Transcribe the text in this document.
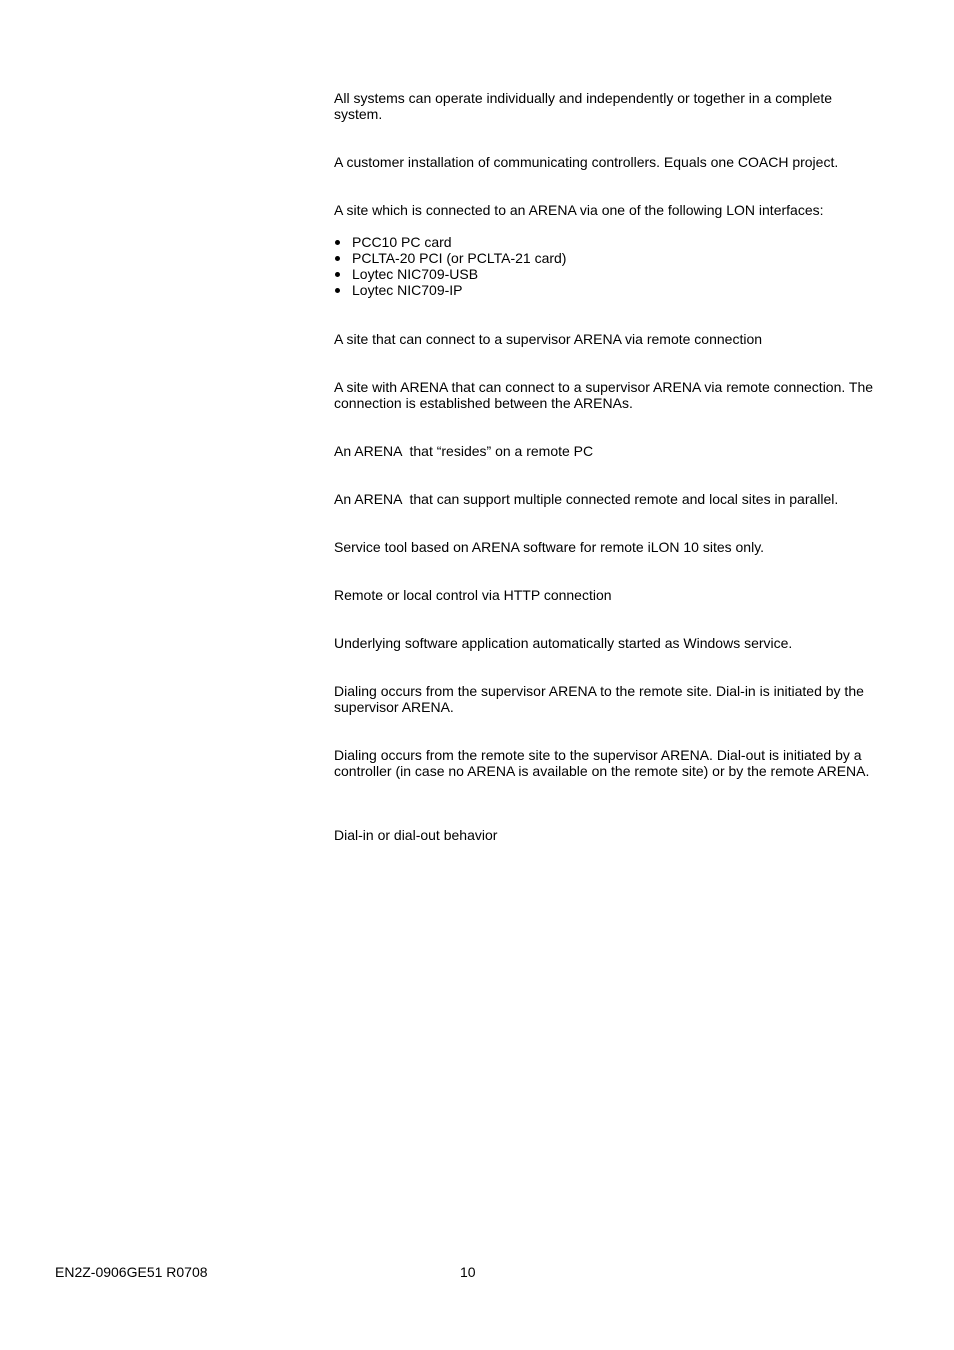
All systems can operate individually and independently or together in a complete system.

A customer installation of communicating controllers. Equals one COACH project.

A site which is connected to an ARENA via one of the following LON interfaces:

PCC10 PC card
PCLTA-20 PCI (or PCLTA-21 card)
Loytec NIC709-USB
Loytec NIC709-IP

A site that can connect to a supervisor ARENA via remote connection

A site with ARENA that can connect to a supervisor ARENA via remote connection. The connection is established between the ARENAs.

An ARENA  that “resides” on a remote PC

An ARENA  that can support multiple connected remote and local sites in parallel.

Service tool based on ARENA software for remote iLON 10 sites only.

Remote or local control via HTTP connection

Underlying software application automatically started as Windows service.

Dialing occurs from the supervisor ARENA to the remote site. Dial-in is initiated by the supervisor ARENA.

Dialing occurs from the remote site to the supervisor ARENA. Dial-out is initiated by a controller (in case no ARENA is available on the remote site) or by the remote ARENA.

Dial-in or dial-out behavior

EN2Z-0906GE51 R0708	10
